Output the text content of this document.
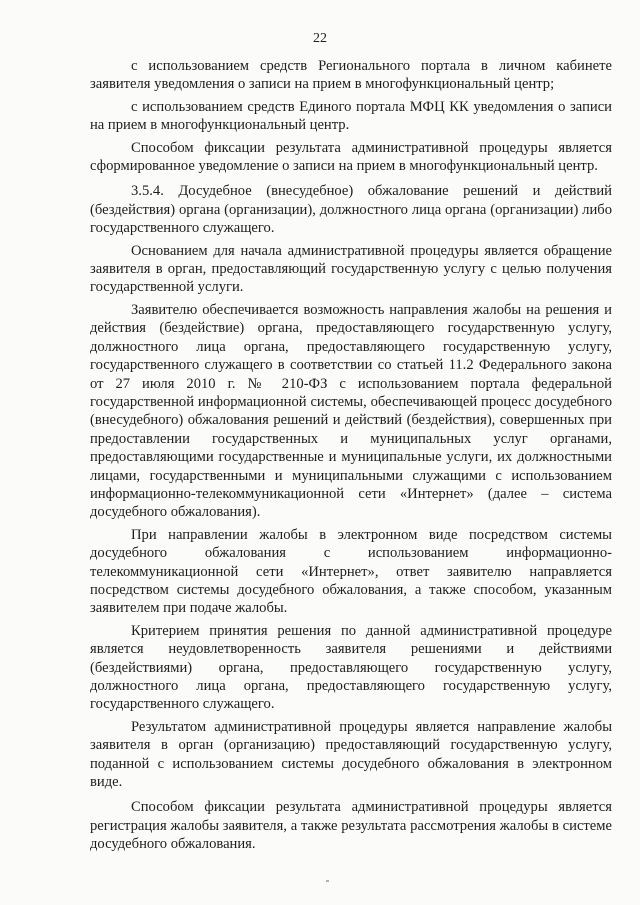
22

с использованием средств Регионального портала в личном кабинете заявителя уведомления о записи на прием в многофункциональный центр;

с использованием средств Единого портала МФЦ КК уведомления о записи на прием в многофункциональный центр.

Способом фиксации результата административной процедуры является сформированное уведомление о записи на прием в многофункциональный центр.

3.5.4. Досудебное (внесудебное) обжалование решений и действий (бездействия) органа (организации), должностного лица органа (организации) либо государственного служащего.

Основанием для начала административной процедуры является обращение заявителя в орган, предоставляющий государственную услугу с целью получения государственной услуги.

Заявителю обеспечивается возможность направления жалобы на решения и действия (бездействие) органа, предоставляющего государственную услугу, должностного лица органа, предоставляющего государственную услугу, государственного служащего в соответствии со статьей 11.2 Федерального закона от 27 июля 2010 г. № 210-ФЗ с использованием портала федеральной государственной информационной системы, обеспечивающей процесс досудебного (внесудебного) обжалования решений и действий (бездействия), совершенных при предоставлении государственных и муниципальных услуг органами, предоставляющими государственные и муниципальные услуги, их должностными лицами, государственными и муниципальными служащими с использованием информационно-телекоммуникационной сети «Интернет» (далее – система досудебного обжалования).

При направлении жалобы в электронном виде посредством системы досудебного обжалования с использованием информационно-телекоммуникационной сети «Интернет», ответ заявителю направляется посредством системы досудебного обжалования, а также способом, указанным заявителем при подаче жалобы.

Критерием принятия решения по данной административной процедуре является неудовлетворенность заявителя решениями и действиями (бездействиями) органа, предоставляющего государственную услугу, должностного лица органа, предоставляющего государственную услугу, государственного служащего.

Результатом административной процедуры является направление жалобы заявителя в орган (организацию) предоставляющий государственную услугу, поданной с использованием системы досудебного обжалования в электронном виде.

Способом фиксации результата административной процедуры является регистрация жалобы заявителя, а также результата рассмотрения жалобы в системе досудебного обжалования.
